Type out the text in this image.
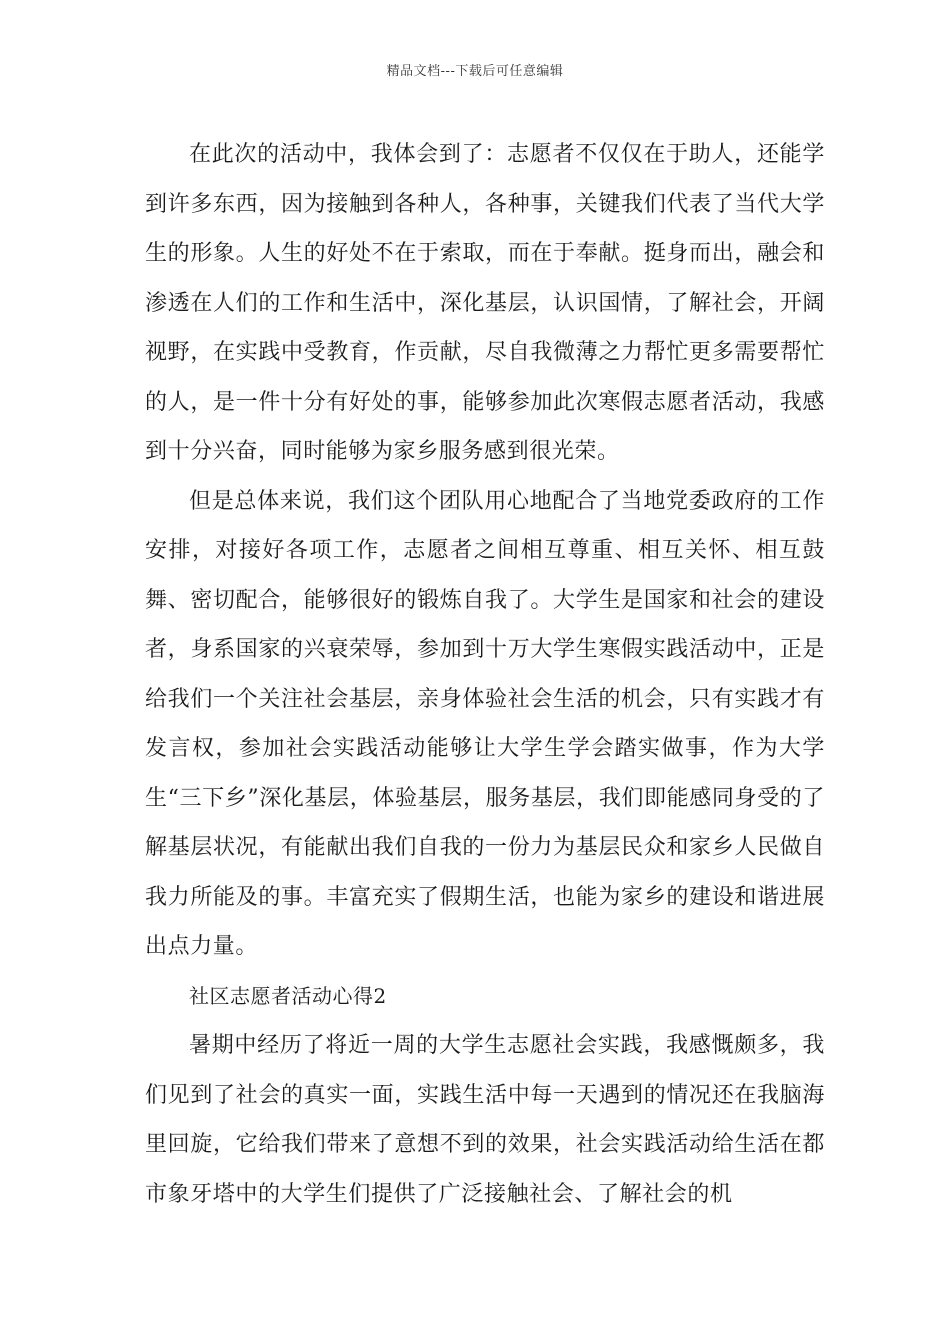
精品文档---下载后可任意编辑

在此次的活动中，我体会到了：志愿者不仅仅在于助人，还能学到许多东西，因为接触到各种人，各种事，关键我们代表了当代大学生的形象。人生的好处不在于索取，而在于奉献。挺身而出，融会和渗透在人们的工作和生活中，深化基层，认识国情，了解社会，开阔视野，在实践中受教育，作贡献，尽自我微薄之力帮忙更多需要帮忙的人，是一件十分有好处的事，能够参加此次寒假志愿者活动，我感到十分兴奋，同时能够为家乡服务感到很光荣。

但是总体来说，我们这个团队用心地配合了当地党委政府的工作安排，对接好各项工作，志愿者之间相互尊重、相互关怀、相互鼓舞、密切配合，能够很好的锻炼自我了。大学生是国家和社会的建设者，身系国家的兴衰荣辱，参加到十万大学生寒假实践活动中，正是给我们一个关注社会基层，亲身体验社会生活的机会，只有实践才有发言权，参加社会实践活动能够让大学生学会踏实做事，作为大学生“三下乡”深化基层，体验基层，服务基层，我们即能感同身受的了解基层状况，有能献出我们自我的一份力为基层民众和家乡人民做自我力所能及的事。丰富充实了假期生活，也能为家乡的建设和谐进展出点力量。

社区志愿者活动心得2

暑期中经历了将近一周的大学生志愿社会实践，我感慨颇多，我们见到了社会的真实一面，实践生活中每一天遇到的情况还在我脑海里回旋，它给我们带来了意想不到的效果，社会实践活动给生活在都市象牙塔中的大学生们提供了广泛接触社会、了解社会的机
